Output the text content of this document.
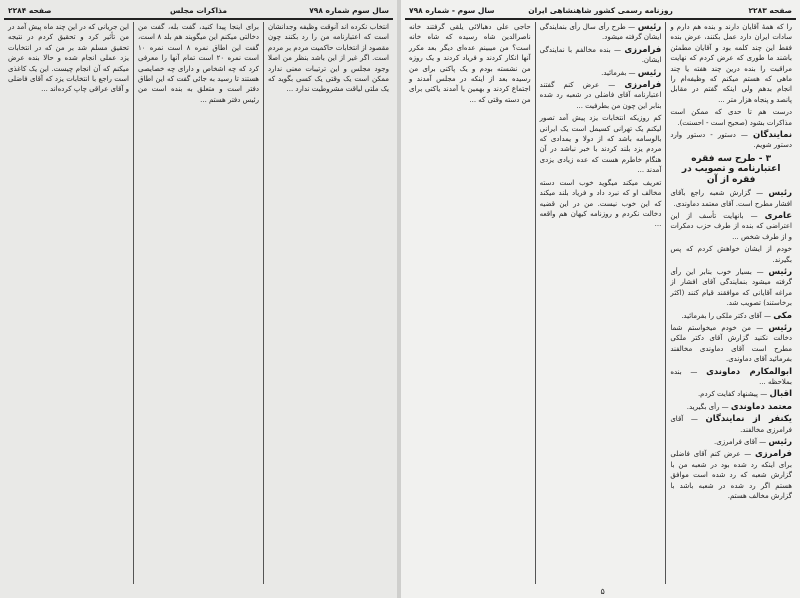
سال سوم شماره ۷۹۸
مذاکرات مجلس
صفحه ۲۲۸۴

انتخاب نکرده اند آنوقت وظیفه وجدانشان است که اعتبارنامه من را رد بکنند چون مقصود از انتخابات حاکمیت مردم بر مردم است. اگر غیر از این باشد بنظر من اصلا وجود مجلس و این ترتیبات معنی ندارد ممکن است یک وقتی یک کسی بگوید که یک ملتی لیاقت مشروطیت ندارد ...

برای اینجا پیدا کنید، گفت بله، گفت من دخالتی میکنم این میگویند هم بلد ۸ است، گفت این اطاق نمره ۸ است نمره ۱۰ است نمره ۲۰ است تمام آنها را معرفی کرد که چه اشخاص و دارای چه خصایصی هستند تا رسید به جائی گفت که این اطاق دفتر است و متعلق به بنده است من رئیس دفتر هستم ...

این جریانی که در این چند ماه پیش آمد در من تأثیر کرد و تحقیق کردم در نتیجه تحقیق مسلم شد بر من که در انتخابات یزد عملی انجام شده و حالا بنده عرض میکنم که آن انجام چیست. این یک کاغذی است راجع با انتخابات یزد که آقای فاضلی و آقای عراقی چاپ کرده‌اند ...

صفحه ۲۲۸۳
روزنامه رسمی کشور شاهنشاهی ایران
سال سوم - شماره ۷۹۸

را که همهٔ آقایان دارند و بنده هم دارم و سادات ایران دارد عمل بکنند، عرض بنده فقط این چند کلمه بود و آقایان مطمئن باشند ما طوری که عرض کردم که نهایت مراقبت را بنده درین چند هفته یا چند ماهی که هستم میکنم که وظیفه‌ام را انجام بدهم ولی اینکه گفتم در مقابل پانصد و پنجاه هزار متر ...

درست هم تا حدی که ممکن است مذاکرات بشود (صحیح است - احسنت).

نمایندگان — دستور - دستور وارد دستور شویم.

۳ - طرح سه فقره اعتبارنامه و تصویب در فقره از آن

رئیس — گزارش شعبه راجع بآقای افشار مطرح است. آقای معتمد دماوندی.

عامری — بانهایت تأسف از این اعتراضی که بنده از طرف حزب دمکرات و از طرف شخص ...

خودم از ایشان خواهش کردم که پس بگیرند.

رئیس — بسیار خوب بنابر این رأی گرفته میشود بنمایندگی آقای افشار از مراغه آقایانی که موافقند قیام کنند (اکثر برخاستند) تصویب شد.

مکی — آقای دکتر ملکی را بفرمائید.

رئیس — من خودم میخواستم شما دخالت نکنید گزارش آقای دکتر ملکی مطرح است آقای دماوندی مخالفند بفرمائید آقای دماوندی.

ابوالمکارم دماوندی — بنده بملاحظه ...

اقبال — پیشنهاد کفایت کردم.

معتمد دماوندی — رأی بگیرید.

یکنفر از نمایندگان — آقای فرامرزی مخالفند.

رئیس — آقای فرامرزی.

فرامرزی — عرض کنم آقای فاضلی برای اینکه رد شده بود در شعبه من با گزارش شعبه که رد شده است موافق هستم اگر رد شده در شعبه باشد با گزارش مخالف هستم.

رئیس — طرح رأی سال رأی بنمایندگی ایشان گرفته میشود.

فرامرزی — بنده مخالفم با نمایندگی ایشان.

رئیس — بفرمائید.

فرامرزی — عرض کنم گفتند اعتبارنامه آقای فاضلی در شعبه رد شده بنابر این چون من بطرفیت ...

کم روزیکه انتخابات یزد پیش آمد تصور لیکنم یک تهرانی کسیمل است یک ایرانی بالوسامه باشد که از دولا و یمدادی که مردم یزد بلند کردند با خبر نباشد در آن هنگام خاطرم هست که عده زیادی یزدی آمدند ...

تعریف میکند میگوید خوب است دسته مخالف او که نبرد داد و فریاد بلند میکند که این خوب نیست. من در این قضیه دخالت نکردم و روزنامه کیهان هم واقعه ...

حاجی علی دهبالائی یلقی گرفتند خانه ناصرالدین شاه رسیده که شاه خانه است؟ من میبینم عده‌ای دیگر بعد مکرر آنها انکار کردند و فریاد کردند و یک روزه من نشسته بودم و یک پاکتی برای من رسیده بعد از اینکه در مجلس آمدند و اجتماع کردند و بهمین یا آمدند یاکتی برای من دسته وقتی که ...

۵
